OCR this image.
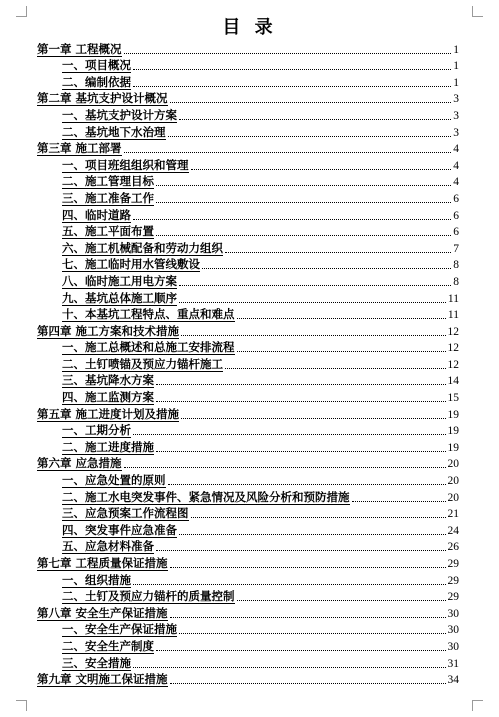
目 录
第一章 工程概况	1
一、项目概况	1
二、编制依据	1
第二章 基坑支护设计概况	3
一、基坑支护设计方案	3
二、基坑地下水治理	3
第三章 施工部署	4
一、项目班组组织和管理	4
二、施工管理目标	4
三、施工准备工作	6
四、临时道路	6
五、施工平面布置	6
六、施工机械配备和劳动力组织	7
七、施工临时用水管线敷设	8
八、临时施工用电方案	8
九、基坑总体施工顺序	11
十、本基坑工程特点、重点和难点	11
第四章 施工方案和技术措施	12
一、施工总概述和总施工安排流程	12
二、土钉喷锚及预应力锚杆施工	12
三、基坑降水方案	14
四、施工监测方案	15
第五章 施工进度计划及措施	19
一、工期分析	19
二、施工进度措施	19
第六章 应急措施	20
一、应急处置的原则	20
二、施工水电突发事件、紧急情况及风险分析和预防措施	20
三、应急预案工作流程图	21
四、突发事件应急准备	24
五、应急材料准备	26
第七章 工程质量保证措施	29
一、组织措施	29
二、土钉及预应力锚杆的质量控制	29
第八章 安全生产保证措施	30
一、安全生产保证措施	30
二、安全生产制度	30
三、安全措施	31
第九章 文明施工保证措施	34
